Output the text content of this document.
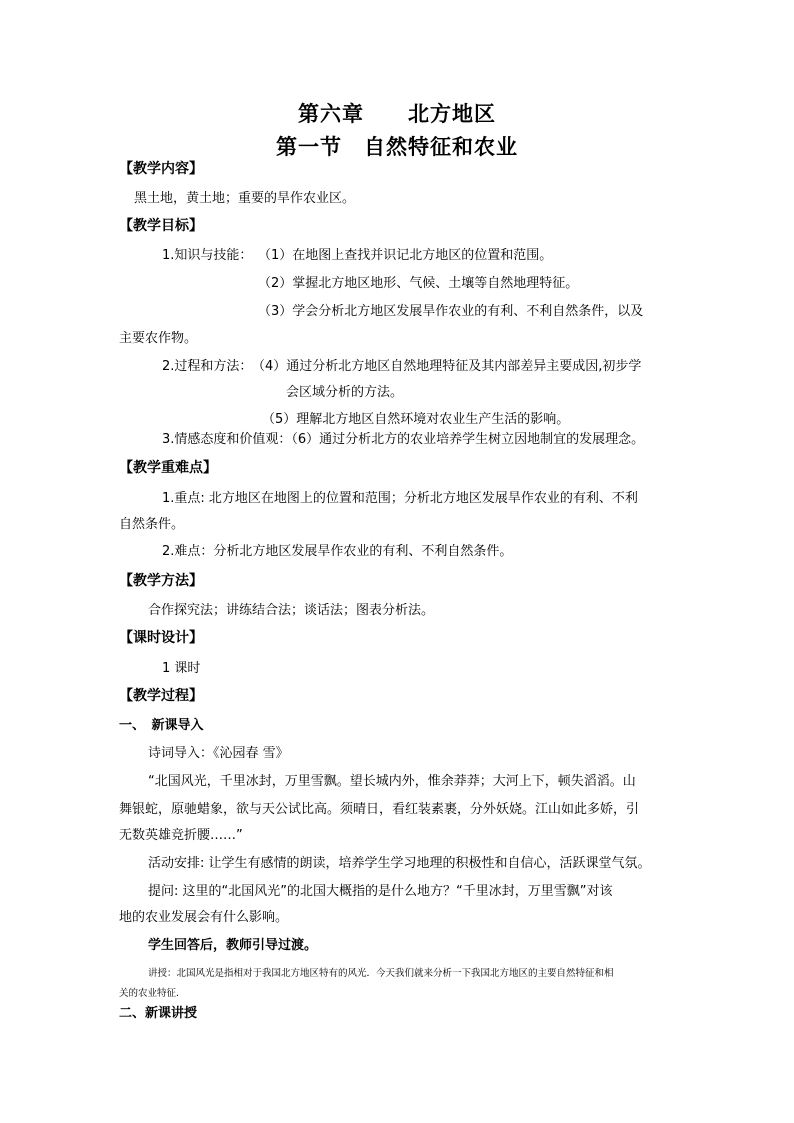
第六章　　北方地区
第一节　自然特征和农业
【教学内容】
黑土地，黄土地；重要的旱作农业区。
【教学目标】
1.知识与技能： （1）在地图上查找并识记北方地区的位置和范围。
（2）掌握北方地区地形、气候、土壤等自然地理特征。
（3）学会分析北方地区发展旱作农业的有利、不利自然条件，以及
主要农作物。
2.过程和方法： （4）通过分析北方地区自然地理特征及其内部差异主要成因,初步学
会区域分析的方法。
（5）理解北方地区自然环境对农业生产生活的影响。
3.情感态度和价值观：（6）通过分析北方的农业培养学生树立因地制宜的发展理念。
【教学重难点】
1.重点: 北方地区在地图上的位置和范围；分析北方地区发展旱作农业的有利、不利
自然条件。
2.难点：分析北方地区发展旱作农业的有利、不利自然条件。
【教学方法】
合作探究法；讲练结合法；谈话法；图表分析法。
【课时设计】
1 课时
【教学过程】
一、　新课导入
诗词导入：《沁园春 雪》
“北国风光，千里冰封，万里雪飘。望长城内外，惟余莽莽；大河上下，顿失滔滔。山
舞银蛇，原驰蜡象，欲与天公试比高。须晴日，看红装素裹，分外妖娆。江山如此多娇，引
无数英雄竞折腰……”
活动安排: 让学生有感情的朗读，培养学生学习地理的积极性和自信心，活跃课堂气氛。
提问: 这里的“北国风光”的北国大概指的是什么地方？“千里冰封，万里雪飘”对该
地的农业发展会有什么影响。
学生回答后，教师引导过渡。
讲授：北国风光是指相对于我国北方地区特有的风光．今天我们就来分析一下我国北方地区的主要自然特征和相
关的农业特征．
二、新课讲授
